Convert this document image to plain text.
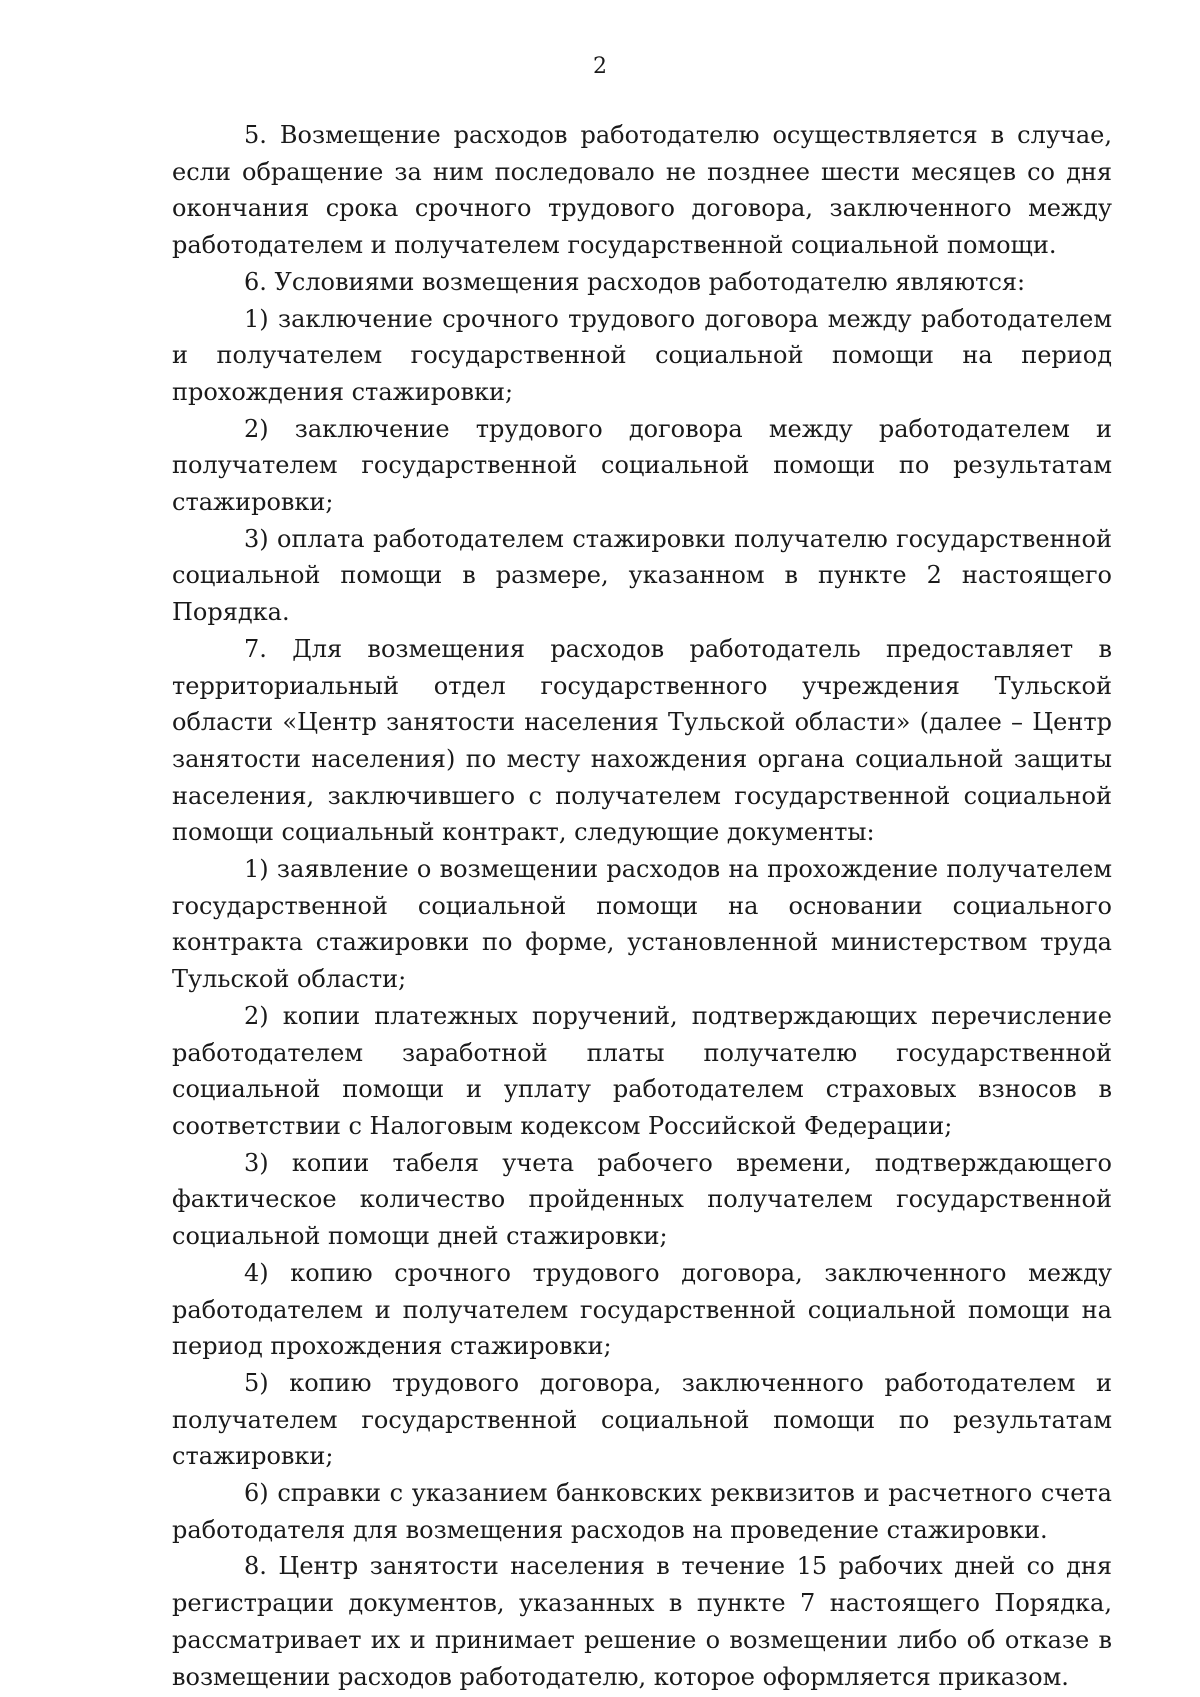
2

5. Возмещение расходов работодателю осуществляется в случае, если обращение за ним последовало не позднее шести месяцев со дня окончания срока срочного трудового договора, заключенного между работодателем и получателем государственной социальной помощи.

6. Условиями возмещения расходов работодателю являются:

1) заключение срочного трудового договора между работодателем и получателем государственной социальной помощи на период прохождения стажировки;

2) заключение трудового договора между работодателем и получателем государственной социальной помощи по результатам стажировки;

3) оплата работодателем стажировки получателю государственной социальной помощи в размере, указанном в пункте 2 настоящего Порядка.

7. Для возмещения расходов работодатель предоставляет в территориальный отдел государственного учреждения Тульской области «Центр занятости населения Тульской области» (далее – Центр занятости населения) по месту нахождения органа социальной защиты населения, заключившего с получателем государственной социальной помощи социальный контракт, следующие документы:

1) заявление о возмещении расходов на прохождение получателем государственной социальной помощи на основании социального контракта стажировки по форме, установленной министерством труда Тульской области;

2) копии платежных поручений, подтверждающих перечисление работодателем заработной платы получателю государственной социальной помощи и уплату работодателем страховых взносов в соответствии с Налоговым кодексом Российской Федерации;

3) копии табеля учета рабочего времени, подтверждающего фактическое количество пройденных получателем государственной социальной помощи дней стажировки;

4) копию срочного трудового договора, заключенного между работодателем и получателем государственной социальной помощи на период прохождения стажировки;

5) копию трудового договора, заключенного работодателем и получателем государственной социальной помощи по результатам стажировки;

6) справки с указанием банковских реквизитов и расчетного счета работодателя для возмещения расходов на проведение стажировки.

8. Центр занятости населения в течение 15 рабочих дней со дня регистрации документов, указанных в пункте 7 настоящего Порядка, рассматривает их и принимает решение о возмещении либо об отказе в возмещении расходов работодателю, которое оформляется приказом.
